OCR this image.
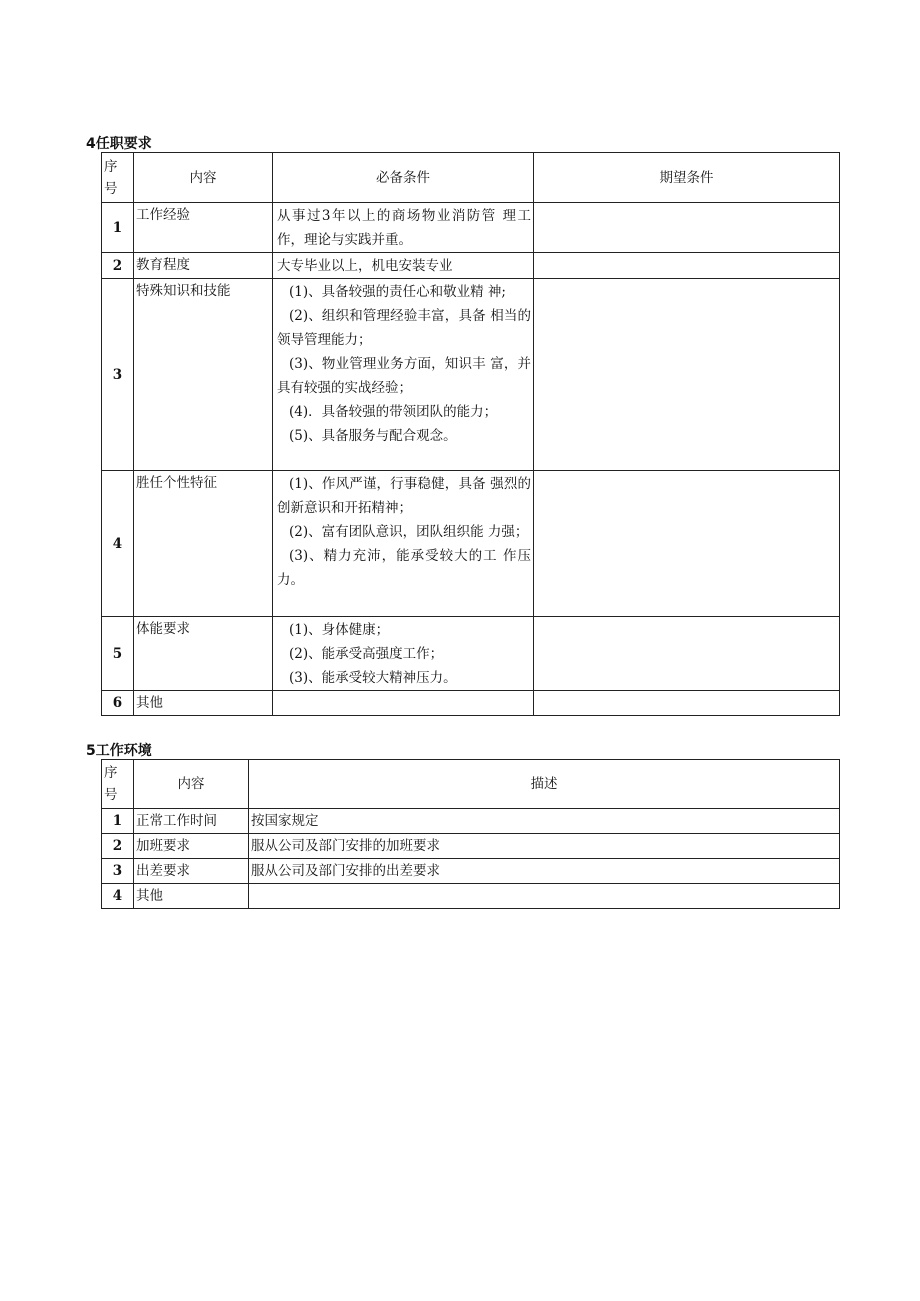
4任职要求
序
号	内容	必备条件	期望条件
1	工作经验	从事过3年以上的商场物业消防管 理工作，理论与实践并重。	

2	教育程度	大专毕业以上，机电安装专业	

3	特殊知识和技能	(1)、具备较强的责任心和敬业精 神;
(2)、组织和管理经验丰富，具备 相当的领导管理能力；
(3)、物业管理业务方面，知识丰 富，并具有较强的实战经验；
(4)．具备较强的带领团队的能力；
(5)、具备服务与配合观念。	

4	胜任个性特征	(1)、作风严谨，行事稳健，具备 强烈的创新意识和开拓精神；
(2)、富有团队意识，团队组织能 力强；
(3)、精力充沛，能承受较大的工 作压力。	

5	体能要求	(1)、身体健康；
(2)、能承受高强度工作；
(3)、能承受较大精神压力。	

6	其他		
5工作环境
序
号	内容	描述
1	正常工作时间	按国家规定
2	加班要求	服从公司及部门安排的加班要求
3	出差要求	服从公司及部门安排的出差要求
4	其他	
